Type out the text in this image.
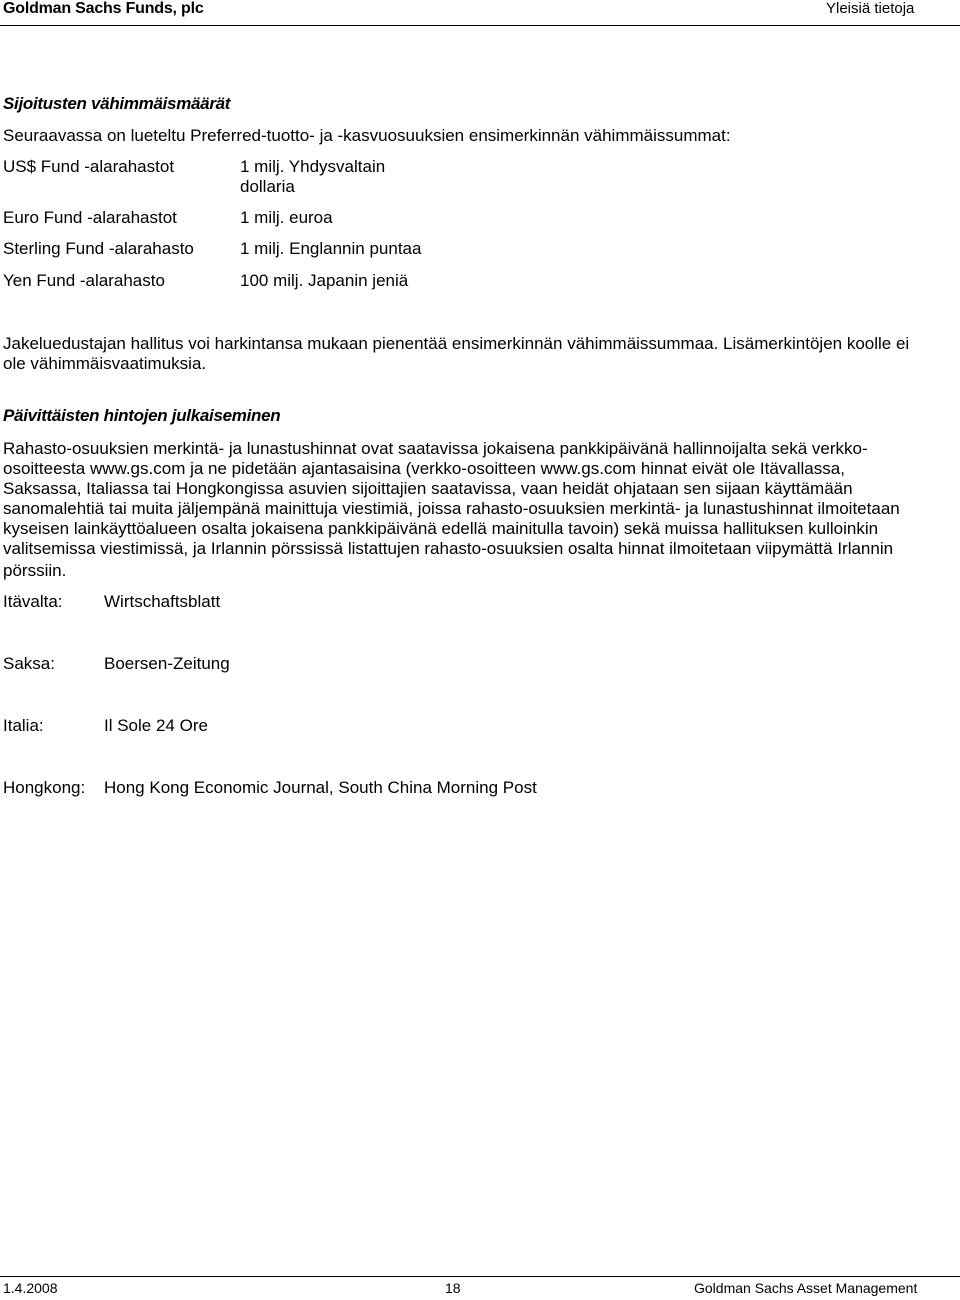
Goldman Sachs Funds, plc	Yleisiä tietoja
Sijoitusten vähimmäismäärät
Seuraavassa on lueteltu Preferred-tuotto- ja -kasvuosuuksien ensimerkinnän vähimmäissummat:
US$ Fund -alarahastot	1 milj. Yhdysvaltain dollaria
Euro Fund -alarahastot	1 milj. euroa
Sterling Fund -alarahasto	1 milj. Englannin puntaa
Yen Fund -alarahasto	100 milj. Japanin jeniä
Jakeluedustajan hallitus voi harkintansa mukaan pienentää ensimerkinnän vähimmäissummaa. Lisämerkintöjen koolle ei ole vähimmäisvaatimuksia.
Päivittäisten hintojen julkaiseminen
Rahasto-osuuksien merkintä- ja lunastushinnat ovat saatavissa jokaisena pankkipäivänä hallinnoijalta sekä verkko-
osoitteesta www.gs.com ja ne pidetään ajantasaisina (verkko-osoitteen www.gs.com hinnat eivät ole Itävallassa,
Saksassa, Italiassa tai Hongkongissa asuvien sijoittajien saatavissa, vaan heidät ohjataan sen sijaan käyttämään
sanomalehtiä tai muita jäljempänä mainittuja viestimiä, joissa rahasto-osuuksien merkintä- ja lunastushinnat ilmoitetaan
kyseisen lainkäyttöalueen osalta jokaisena pankkipäivänä edellä mainitulla tavoin) sekä muissa hallituksen kulloinkin
valitsemissa viestimissä, ja Irlannin pörssissä listattujen rahasto-osuuksien osalta hinnat ilmoitetaan viipymättä Irlannin
pörssiin.
Itävalta: Wirtschaftsblatt
Saksa:	Boersen-Zeitung
Italia:	Il Sole 24 Ore
Hongkong: Hong Kong Economic Journal, South China Morning Post
1.4.2008	18	Goldman Sachs Asset Management
